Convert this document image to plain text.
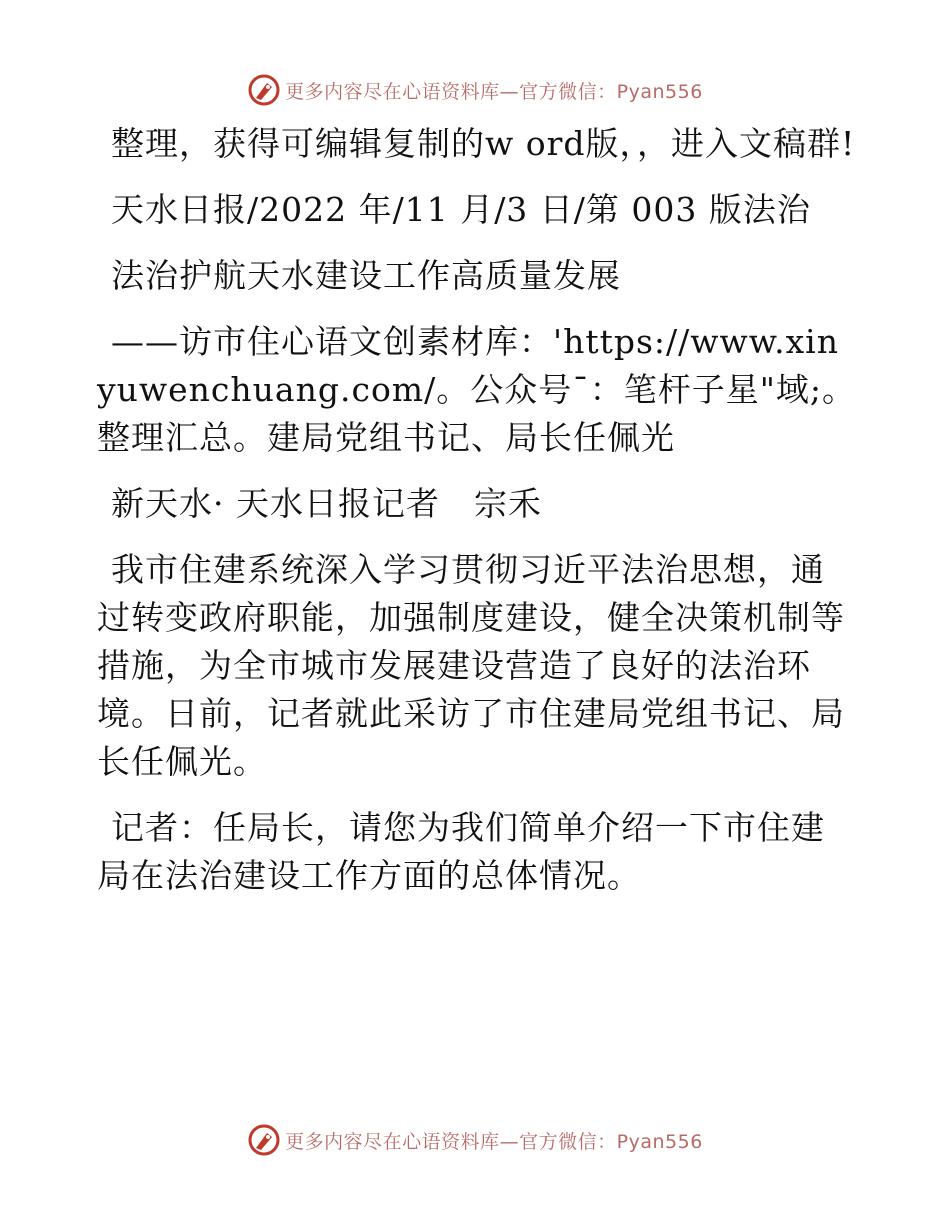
更多内容尽在心语资料库—官方微信：Pyan556

整理，获得可编辑复制的w ord版，，进入文稿群!

天水日报/2022 年/11 月/3 日/第 003 版法治

法治护航天水建设工作高质量发展

——访市住心语文创素材库：'https://www.xinyuwenchuang.com/。公众号¯：笔杆子星"域;。整理汇总。建局党组书记、局长任佩光

新天水· 天水日报记者　宗禾

我市住建系统深入学习贯彻习近平法治思想，通过转变政府职能，加强制度建设，健全决策机制等措施，为全市城市发展建设营造了良好的法治环境。日前，记者就此采访了市住建局党组书记、局长任佩光。

记者：任局长，请您为我们简单介绍一下市住建局在法治建设工作方面的总体情况。

更多内容尽在心语资料库—官方微信：Pyan556
